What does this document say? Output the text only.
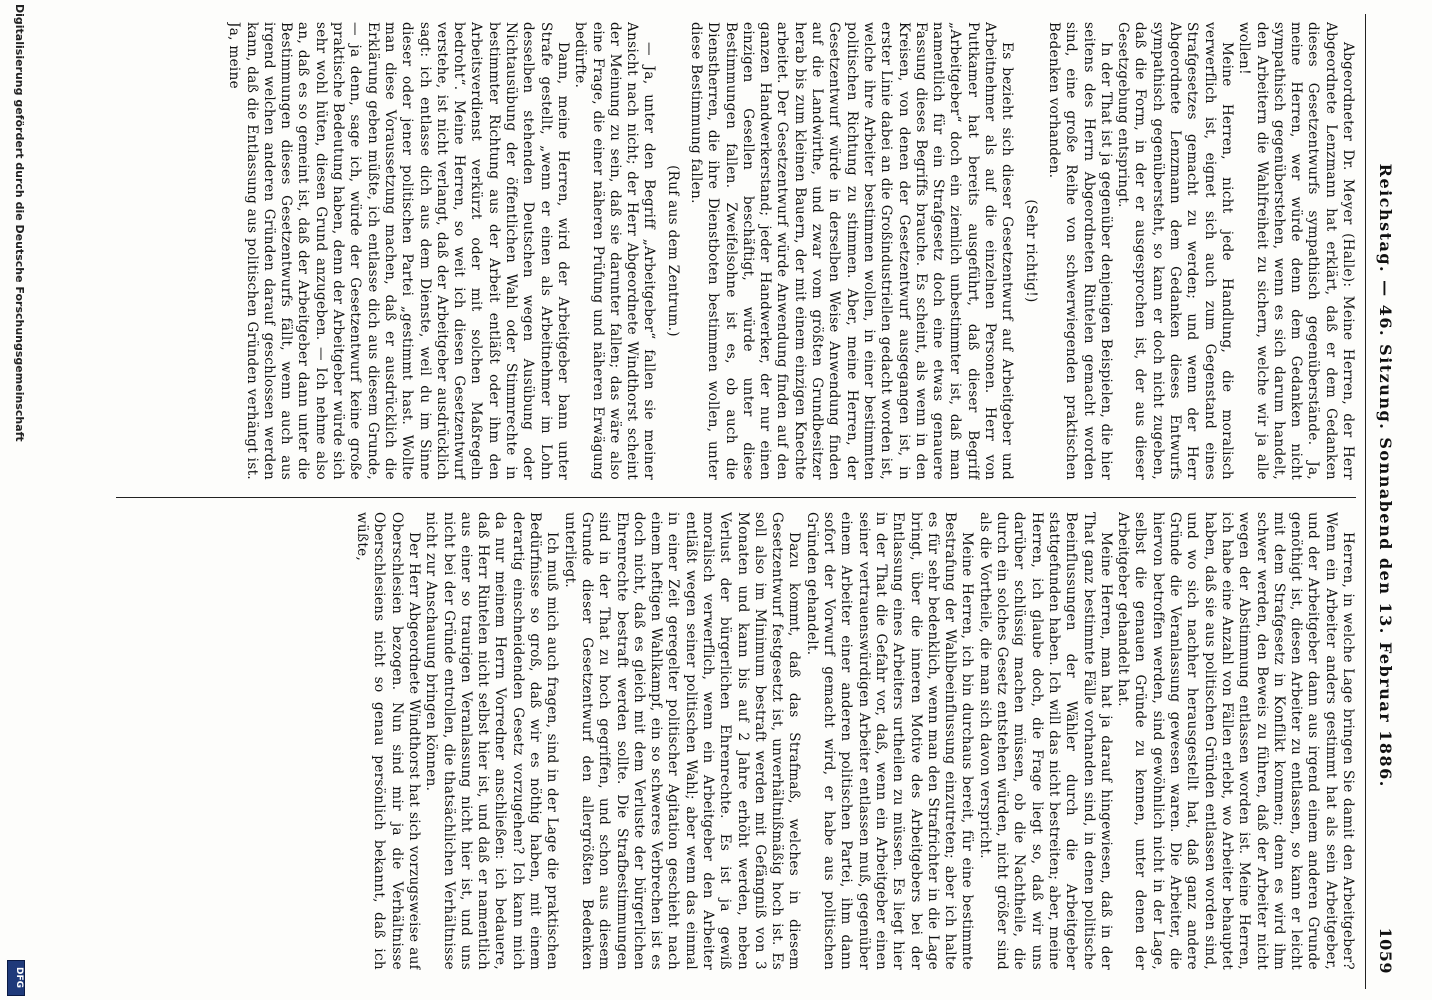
Digitalisierung gefördert durch die Deutsche Forschungsgemeinschaft
DFG
Reichstag. — 46. Sitzung. Sonnabend den 13. Februar 1886.
1059

Abgeordneter Dr. Meyer (Halle): Meine Herren, der Herr Abgeordnete Lenzmann hat erklärt, daß er dem Gedanken dieses Gesetzentwurfs sympathisch gegenüberstände. Ja, meine Herren, wer würde denn dem Gedanken nicht sympathisch gegenüberstehen, wenn es sich darum handelt, den Arbeitern die Wahlfreiheit zu sichern, welche wir ja alle wollen!

Meine Herren, nicht jede Handlung, die moralisch verwerflich ist, eignet sich auch zum Gegenstand eines Strafgesetzes gemacht zu werden; und wenn der Herr Abgeordnete Lenzmann dem Gedanken dieses Entwurfs sympathisch gegenübersteht, so kann er doch nicht zugeben, daß die Form, in der er ausgesprochen ist, der aus dieser Gesetzgebung entspringt.

In der That ist ja gegenüber denjenigen Beispielen, die hier seitens des Herrn Abgeordneten Rintelen gemacht worden sind, eine große Reihe von schwerwiegenden praktischen Bedenken vorhanden.

(Sehr richtig!)

Es bezieht sich dieser Gesetzentwurf auf Arbeitgeber und Arbeitnehmer als auf die einzelnen Personen. Herr von Puttkamer hat bereits ausgeführt, daß dieser Begriff „Arbeitgeber“ doch ein ziemlich unbestimmter ist, daß man namentlich für ein Strafgesetz doch eine etwas genauere Fassung dieses Begriffs brauche. Es scheint, als wenn in den Kreisen, von denen der Gesetzentwurf ausgegangen ist, in erster Linie dabei an die Großindustriellen gedacht worden ist, welche ihre Arbeiter bestimmen wollen, in einer bestimmten politischen Richtung zu stimmen. Aber, meine Herren, der Gesetzentwurf würde in derselben Weise Anwendung finden auf die Landwirthe, und zwar vom größten Grundbesitzer herab bis zum kleinen Bauern, der mit einem einzigen Knechte arbeitet. Der Gesetzentwurf würde Anwendung finden auf den ganzen Handwerkerstand; jeder Handwerker, der nur einen einzigen Gesellen beschäftigt, würde unter diese Bestimmungen fallen. Zweifelsohne ist es, ob auch die Dienstherren, die ihre Dienstboten bestimmen wollen, unter diese Bestimmung fallen.

(Ruf aus dem Zentrum.)

— Ja, unter den Begriff „Arbeitgeber“ fallen sie meiner Ansicht nach nicht; der Herr Abgeordnete Windthorst scheint der Meinung zu sein, daß sie darunter fallen; das wäre also eine Frage, die einer näheren Prüfung und näheren Erwägung bedürfte.

Dann, meine Herren, wird der Arbeitgeber bann unter Strafe gestellt, „wenn er einen als Arbeitnehmer im Lohn desselben stehenden Deutschen wegen Ausübung oder Nichtausübung der öffentlichen Wahl oder Stimmrechte in bestimmter Richtung aus der Arbeit entläßt oder ihm den Arbeitsverdienst verkürzt oder mit solchen Maßregeln bedroht“. Meine Herren, so weit ich diesen Gesetzentwurf verstehe, ist nicht verlangt, daß der Arbeitgeber ausdrücklich sagt: ich entlasse dich aus dem Dienste, weil du im Sinne dieser oder jener politischen Partei „gestimmt hast. Wollte man diese Voraussetzung machen, daß er ausdrücklich die Erklärung geben müßte, ich entlasse dich aus diesem Grunde, — ja denn, sage ich, würde der Gesetzentwurf keine große praktische Bedeutung haben, denn der Arbeitgeber würde sich sehr wohl hüten, diesen Grund anzugeben. — Ich nehme also an, daß es so gemeint ist, daß der Arbeitgeber dann unter die Bestimmungen dieses Gesetzentwurfs fällt, wenn auch aus irgend welchen anderen Gründen darauf geschlossen werden kann, daß die Entlassung aus politischen Gründen verhängt ist. Ja, meine

Herren, in welche Lage bringen Sie damit den Arbeitgeber? Wenn ein Arbeiter anders gestimmt hat als sein Arbeitgeber, und der Arbeitgeber dann aus irgend einem anderen Grunde genöthigt ist, diesen Arbeiter zu entlassen, so kann er leicht mit dem Strafgesetz in Konflikt kommen; denn es wird ihm schwer werden, den Beweis zu führen, daß der Arbeiter nicht wegen der Abstimmung entlassen worden ist. Meine Herren, ich habe eine Anzahl von Fällen erlebt, wo Arbeiter behauptet haben, daß sie aus politischen Gründen entlassen worden sind, und wo sich nachher herausgestellt hat, daß ganz andere Gründe die Veranlassung gewesen waren. Die Arbeiter, die hiervon betroffen werden, sind gewöhnlich nicht in der Lage, selbst die genauen Gründe zu kennen, unter denen der Arbeitgeber gehandelt hat.

Meine Herren, man hat ja darauf hingewiesen, daß in der That ganz bestimmte Fälle vorhanden sind, in denen politische Beeinflussungen der Wähler durch die Arbeitgeber stattgefunden haben. Ich will das nicht bestreiten; aber, meine Herren, ich glaube doch, die Frage liegt so, daß wir uns darüber schlüssig machen müssen, ob die Nachtheile, die durch ein solches Gesetz entstehen würden, nicht größer sind als die Vortheile, die man sich davon verspricht.

Meine Herren, ich bin durchaus bereit, für eine bestimmte Bestrafung der Wahlbeeinflussung einzutreten; aber ich halte es für sehr bedenklich, wenn man den Strafrichter in die Lage bringt, über die inneren Motive des Arbeitgebers bei der Entlassung eines Arbeiters urtheilen zu müssen. Es liegt hier in der That die Gefahr vor, daß, wenn ein Arbeitgeber einen seiner vertrauenswürdigen Arbeiter entlassen muß, gegenüber einem Arbeiter einer anderen politischen Partei, ihm dann sofort der Vorwurf gemacht wird, er habe aus politischen Gründen gehandelt.

Dazu kommt, daß das Strafmaß, welches in diesem Gesetzentwurf festgesetzt ist, unverhältnißmäßig hoch ist. Es soll also im Minimum bestraft werden mit Gefängniß von 3 Monaten und kann bis auf 2 Jahre erhöht werden, neben Verlust der bürgerlichen Ehrenrechte. Es ist ja gewiß moralisch verwerflich, wenn ein Arbeitgeber den Arbeiter entläßt wegen seiner politischen Wahl; aber wenn das einmal in einer Zeit geregelter politischer Agitation geschieht nach einem heftigen Wahlkampf, ein so schweres Verbrechen ist es doch nicht, daß es gleich mit dem Verluste der bürgerlichen Ehrenrechte bestraft werden sollte. Die Strafbestimmungen sind in der That zu hoch gegriffen, und schon aus diesem Grunde dieser Gesetzentwurf den allergrößten Bedenken unterliegt.

Ich muß mich auch fragen, sind in der Lage die praktischen Bedürfnisse so groß, daß wir es nöthig haben, mit einem derartig einschneidenden Gesetz vorzugehen? Ich kann mich da nur meinem Herrn Vorredner anschließen: ich bedauere, daß Herr Rintelen nicht selbst hier ist, und daß er namentlich aus einer so traurigen Veranlassung nicht hier ist, und uns nicht bei der Gründe entrollen, die thatsächlichen Verhältnisse nicht zur Anschauung bringen können.

Der Herr Abgeordnete Windthorst hat sich vorzugsweise auf Oberschlesien bezogen. Nun sind mir ja die Verhältnisse Oberschlesiens nicht so genau persönlich bekannt, daß ich wüßte,
